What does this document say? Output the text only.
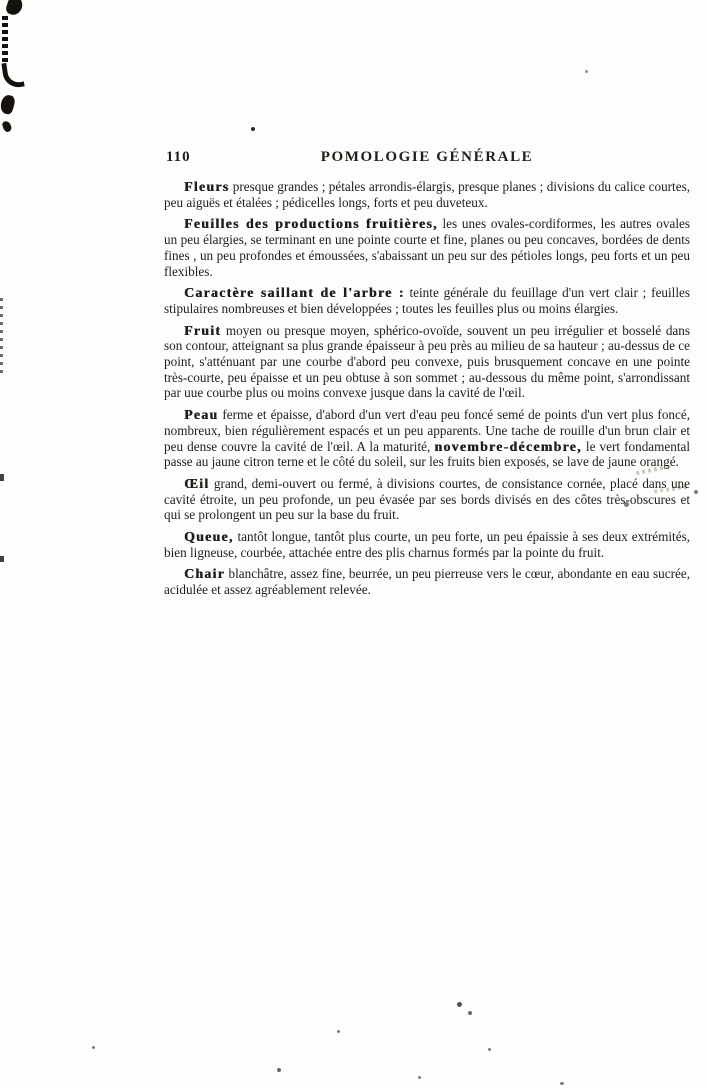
110	POMOLOGIE GÉNÉRALE

Fleurs presque grandes ; pétales arrondis-élargis, presque planes ; divisions du calice courtes, peu aiguës et étalées ; pédicelles longs, forts et peu duveteux.

Feuilles des productions fruitières, les unes ovales-cordiformes, les autres ovales un peu élargies, se terminant en une pointe courte et fine, planes ou peu concaves, bordées de dents fines , un peu profondes et émoussées, s'abaissant un peu sur des pétioles longs, peu forts et un peu flexibles.

Caractère saillant de l'arbre : teinte générale du feuillage d'un vert clair ; feuilles stipulaires nombreuses et bien développées ; toutes les feuilles plus ou moins élargies.

Fruit moyen ou presque moyen, sphérico-ovoïde, souvent un peu irrégulier et bosselé dans son contour, atteignant sa plus grande épaisseur à peu près au milieu de sa hauteur ; au-dessus de ce point, s'atténuant par une courbe d'abord peu convexe, puis brusquement concave en une pointe très-courte, peu épaisse et un peu obtuse à son sommet ; au-dessous du même point, s'arrondissant par uue courbe plus ou moins convexe jusque dans la cavité de l'œil.

Peau ferme et épaisse, d'abord d'un vert d'eau peu foncé semé de points d'un vert plus foncé, nombreux, bien régulièrement espacés et un peu apparents. Une tache de rouille d'un brun clair et peu dense couvre la cavité de l'œil. A la maturité, novembre-décembre, le vert fondamental passe au jaune citron terne et le côté du soleil, sur les fruits bien exposés, se lave de jaune orangé.

Œil grand, demi-ouvert ou fermé, à divisions courtes, de consistance cornée, placé dans une cavité étroite, un peu profonde, un peu évasée par ses bords divisés en des côtes très-obscures et qui se prolongent un peu sur la base du fruit.

Queue, tantôt longue, tantôt plus courte, un peu forte, un peu épaissie à ses deux extrémités, bien ligneuse, courbée, attachée entre des plis charnus formés par la pointe du fruit.

Chair blanchâtre, assez fine, beurrée, un peu pierreuse vers le cœur, abondante en eau sucrée, acidulée et assez agréablement relevée.
